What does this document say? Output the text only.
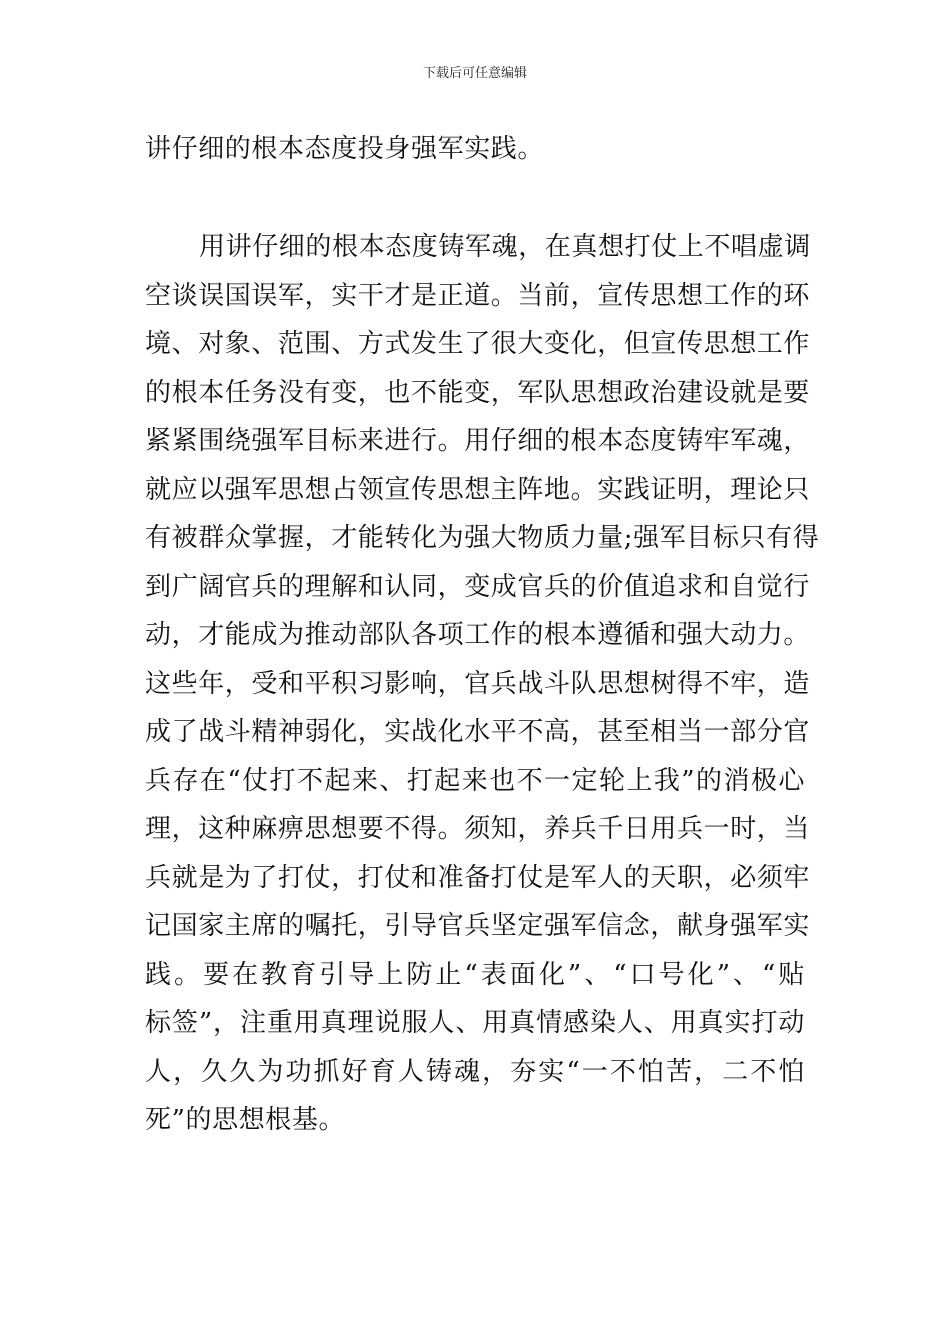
下载后可任意编辑
讲仔细的根本态度投身强军实践。
用讲仔细的根本态度铸军魂，在真想打仗上不唱虚调
空谈误国误军，实干才是正道。当前，宣传思想工作的环
境、对象、范围、方式发生了很大变化，但宣传思想工作
的根本任务没有变，也不能变，军队思想政治建设就是要
紧紧围绕强军目标来进行。用仔细的根本态度铸牢军魂，
就应以强军思想占领宣传思想主阵地。实践证明，理论只
有被群众掌握，才能转化为强大物质力量;强军目标只有得
到广阔官兵的理解和认同，变成官兵的价值追求和自觉行
动，才能成为推动部队各项工作的根本遵循和强大动力。
这些年，受和平积习影响，官兵战斗队思想树得不牢，造
成了战斗精神弱化，实战化水平不高，甚至相当一部分官
兵存在“仗打不起来、打起来也不一定轮上我”的消极心
理，这种麻痹思想要不得。须知，养兵千日用兵一时，当
兵就是为了打仗，打仗和准备打仗是军人的天职，必须牢
记国家主席的嘱托，引导官兵坚定强军信念，献身强军实
践。要在教育引导上防止“表面化”、“口号化”、“贴
标签”，注重用真理说服人、用真情感染人、用真实打动
人，久久为功抓好育人铸魂，夯实“一不怕苦，二不怕
死”的思想根基。
